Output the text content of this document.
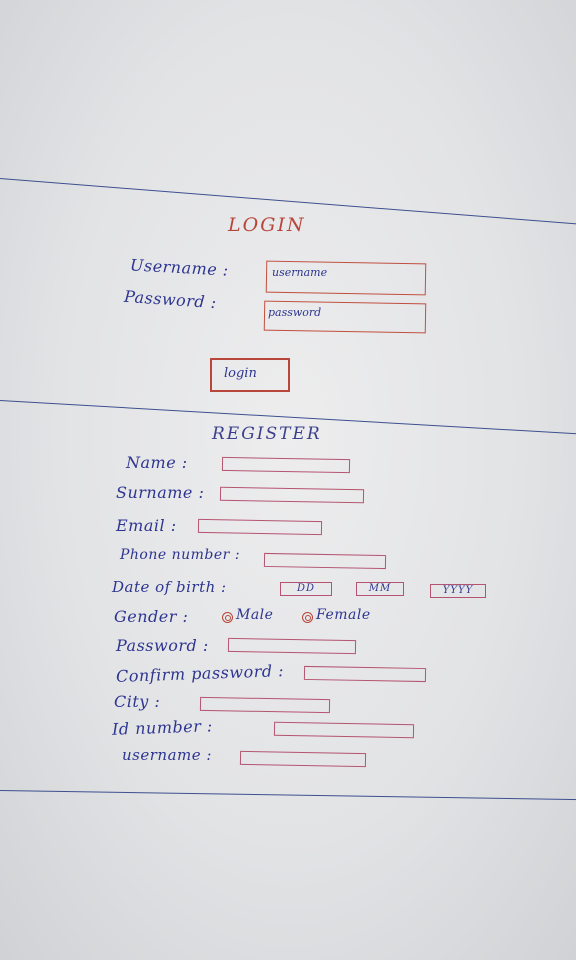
LOGIN
Username :	username
Password :
password
login
REGISTER
Name :
Surname :
Email :
Phone number :
Date of birth :	DD	MM	YYYY
Gender :	Male	Female
Password :
Confirm password :
City :
Id number :
username :
